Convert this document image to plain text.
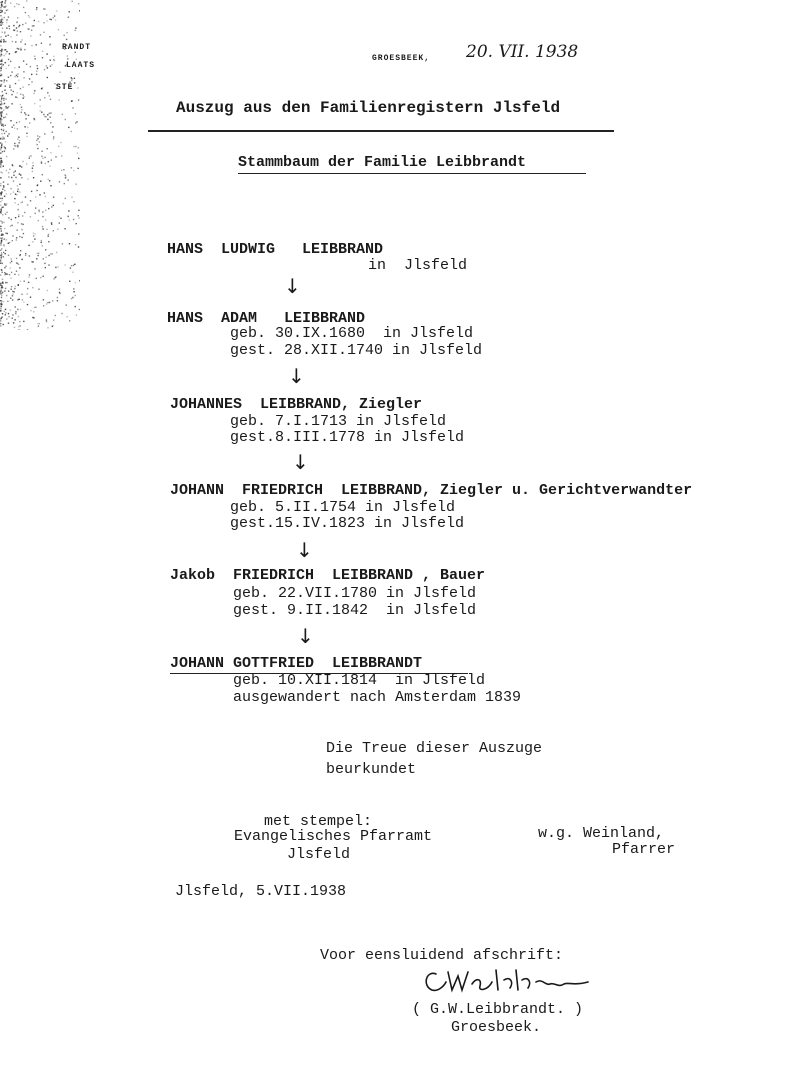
RANDT
LAATS
STE
GROESBEEK, 20. VII. 1938
Auszug aus den Familienregistern Jlsfeld
Stammbaum der Familie Leibbrandt
HANS  LUDWIG   LEIBBRAND
in  Jlsfeld
↓
HANS  ADAM   LEIBBRAND
geb. 30.IX.1680  in Jlsfeld
gest. 28.XII.1740 in Jlsfeld
↓
JOHANNES  LEIBBRAND, Ziegler
geb. 7.I.1713 in Jlsfeld
gest.8.III.1778 in Jlsfeld
↓
JOHANN  FRIEDRICH  LEIBBRAND, Ziegler u. Gerichtverwandter
geb. 5.II.1754 in Jlsfeld
gest.15.IV.1823 in Jlsfeld
↓
Jakob  FRIEDRICH  LEIBBRAND , Bauer
geb. 22.VII.1780 in Jlsfeld
gest. 9.II.1842  in Jlsfeld
↓
JOHANN GOTTFRIED  LEIBBRANDT
geb. 10.XII.1814  in Jlsfeld
ausgewandert nach Amsterdam 1839
Die Treue dieser Auszuge
beurkundet
met stempel:
Evangelisches Pfarramt
Jlsfeld
w.g. Weinland,
Pfarrer
Jlsfeld, 5.VII.1938
Voor eensluidend afschrift:
( G.W.Leibbrandt. )
Groesbeek.
